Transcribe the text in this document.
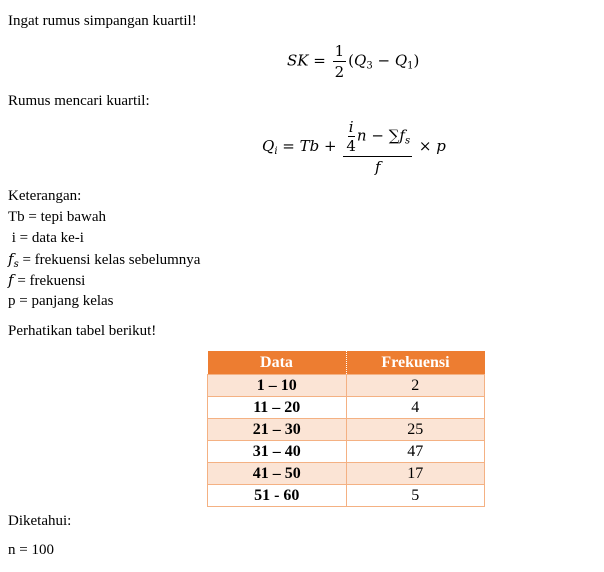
Ingat rumus simpangan kuartil!
SK = $\frac{1}{2} (Q_3 - Q_1)$
Rumus mencari kuartil:
$Q_i = Tb + \frac{\frac{i}{4} n - \sum f_s}{f} \times p$
Keterangan:
Tb = tepi bawah
i = data ke-i
$f_s$ = frekuensi kelas sebelumnya
f = frekuensi
p = panjang kelas
Perhatikan tabel berikut!
Data	Frekuensi
1 – 10	2
11 – 20	4
21 – 30	25
31 – 40	47
41 – 50	17
51 - 60	5
Diketahui:
n = 100
